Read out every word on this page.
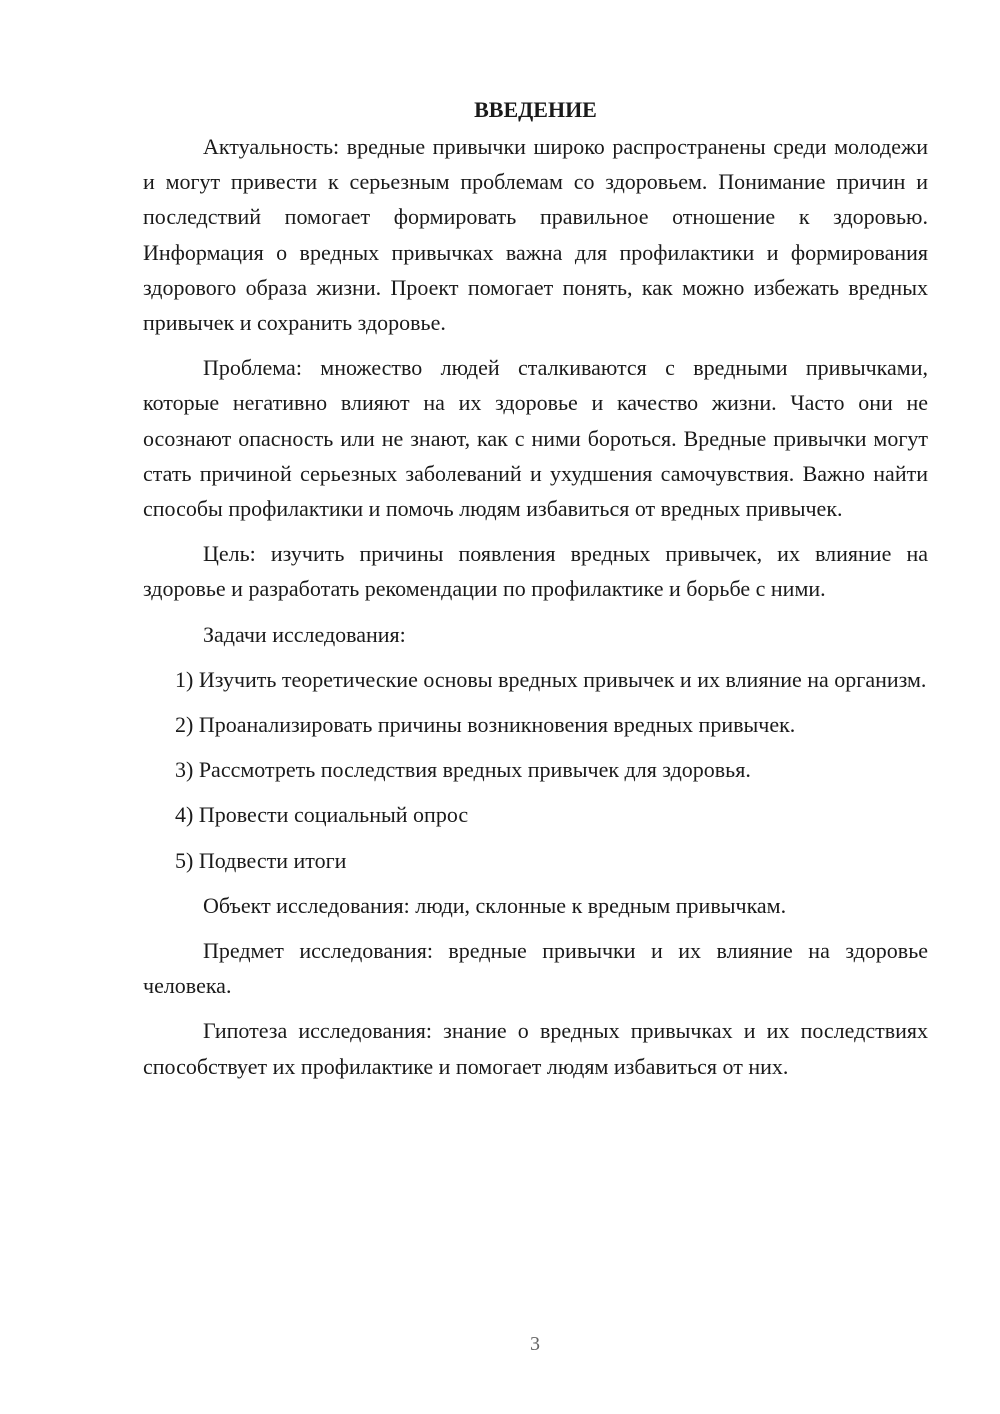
ВВЕДЕНИЕ

Актуальность: вредные привычки широко распространены среди молодежи и могут привести к серьезным проблемам со здоровьем. Понимание причин и последствий помогает формировать правильное отношение к здоровью. Информация о вредных привычках важна для профилактики и формирования здорового образа жизни. Проект помогает понять, как можно избежать вредных привычек и сохранить здоровье.

Проблема: множество людей сталкиваются с вредными привычками, которые негативно влияют на их здоровье и качество жизни. Часто они не осознают опасность или не знают, как с ними бороться. Вредные привычки могут стать причиной серьезных заболеваний и ухудшения самочувствия. Важно найти способы профилактики и помочь людям избавиться от вредных привычек.

Цель: изучить причины появления вредных привычек, их влияние на здоровье и разработать рекомендации по профилактике и борьбе с ними.

Задачи исследования:

1) Изучить теоретические основы вредных привычек и их влияние на организм.

2) Проанализировать причины возникновения вредных привычек.

3) Рассмотреть последствия вредных привычек для здоровья.

4) Провести социальный опрос

5) Подвести итоги

Объект исследования: люди, склонные к вредным привычкам.

Предмет исследования: вредные привычки и их влияние на здоровье человека.

Гипотеза исследования: знание о вредных привычках и их последствиях способствует их профилактике и помогает людям избавиться от них.

3
